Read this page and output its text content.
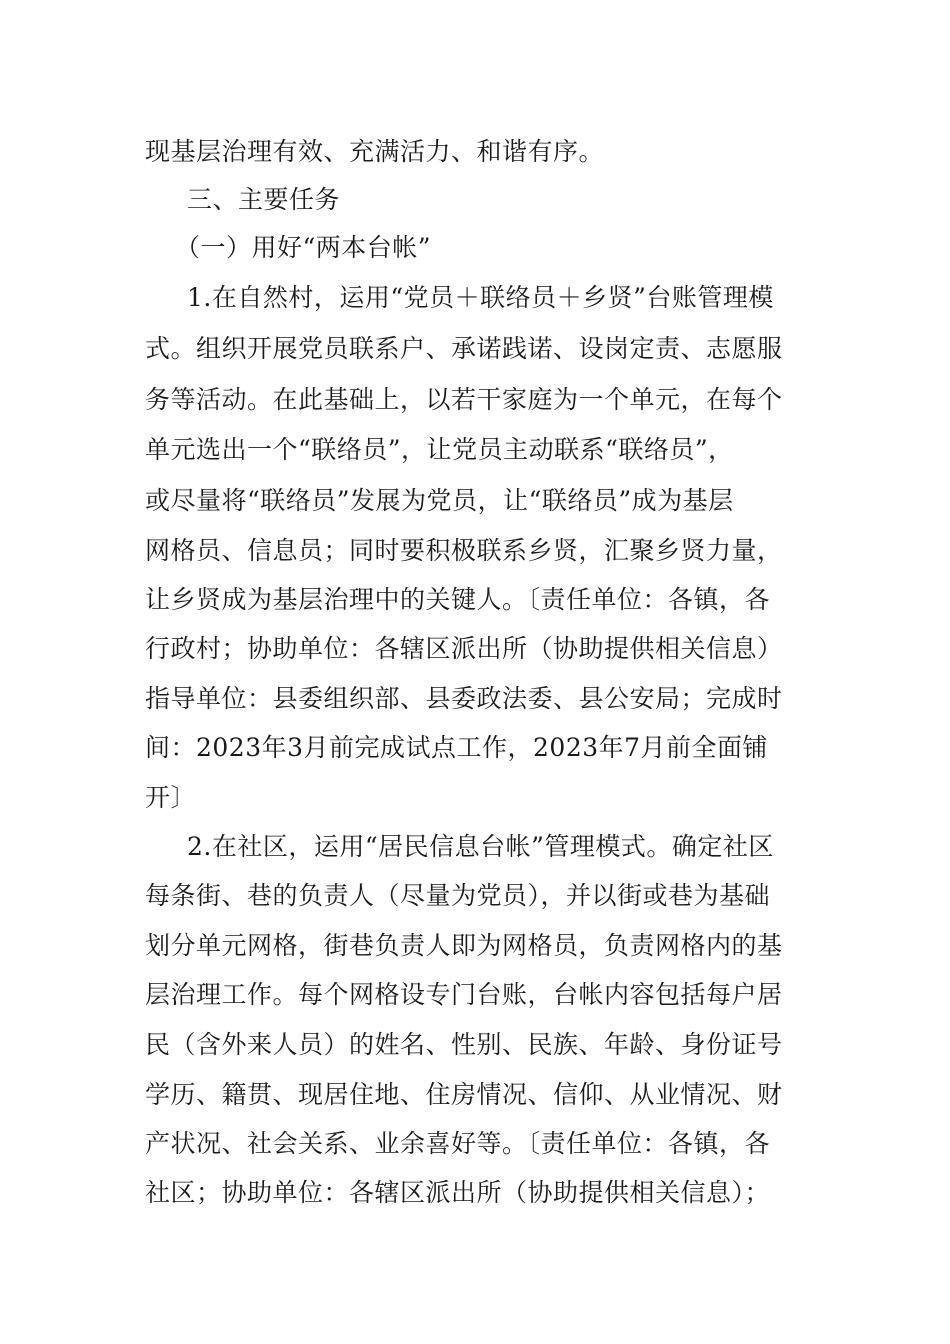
现基层治理有效、充满活力、和谐有序。
三、主要任务
（一）用好“两本台帐”
1.在自然村，运用“党员＋联络员＋乡贤”台账管理模
式。组织开展党员联系户、承诺践诺、设岗定责、志愿服
务等活动。在此基础上，以若干家庭为一个单元，在每个
单元选出一个“联络员”，让党员主动联系“联络员”，
或尽量将“联络员”发展为党员，让“联络员”成为基层
网格员、信息员；同时要积极联系乡贤，汇聚乡贤力量，
让乡贤成为基层治理中的关键人。〔责任单位：各镇，各
行政村；协助单位：各辖区派出所（协助提供相关信息）
指导单位：县委组织部、县委政法委、县公安局；完成时
间：2023年3月前完成试点工作，2023年7月前全面铺
开〕
2.在社区，运用“居民信息台帐”管理模式。确定社区
每条街、巷的负责人（尽量为党员），并以街或巷为基础
划分单元网格，街巷负责人即为网格员，负责网格内的基
层治理工作。每个网格设专门台账，台帐内容包括每户居
民（含外来人员）的姓名、性别、民族、年龄、身份证号
学历、籍贯、现居住地、住房情况、信仰、从业情况、财
产状况、社会关系、业余喜好等。〔责任单位：各镇，各
社区；协助单位：各辖区派出所（协助提供相关信息）；
